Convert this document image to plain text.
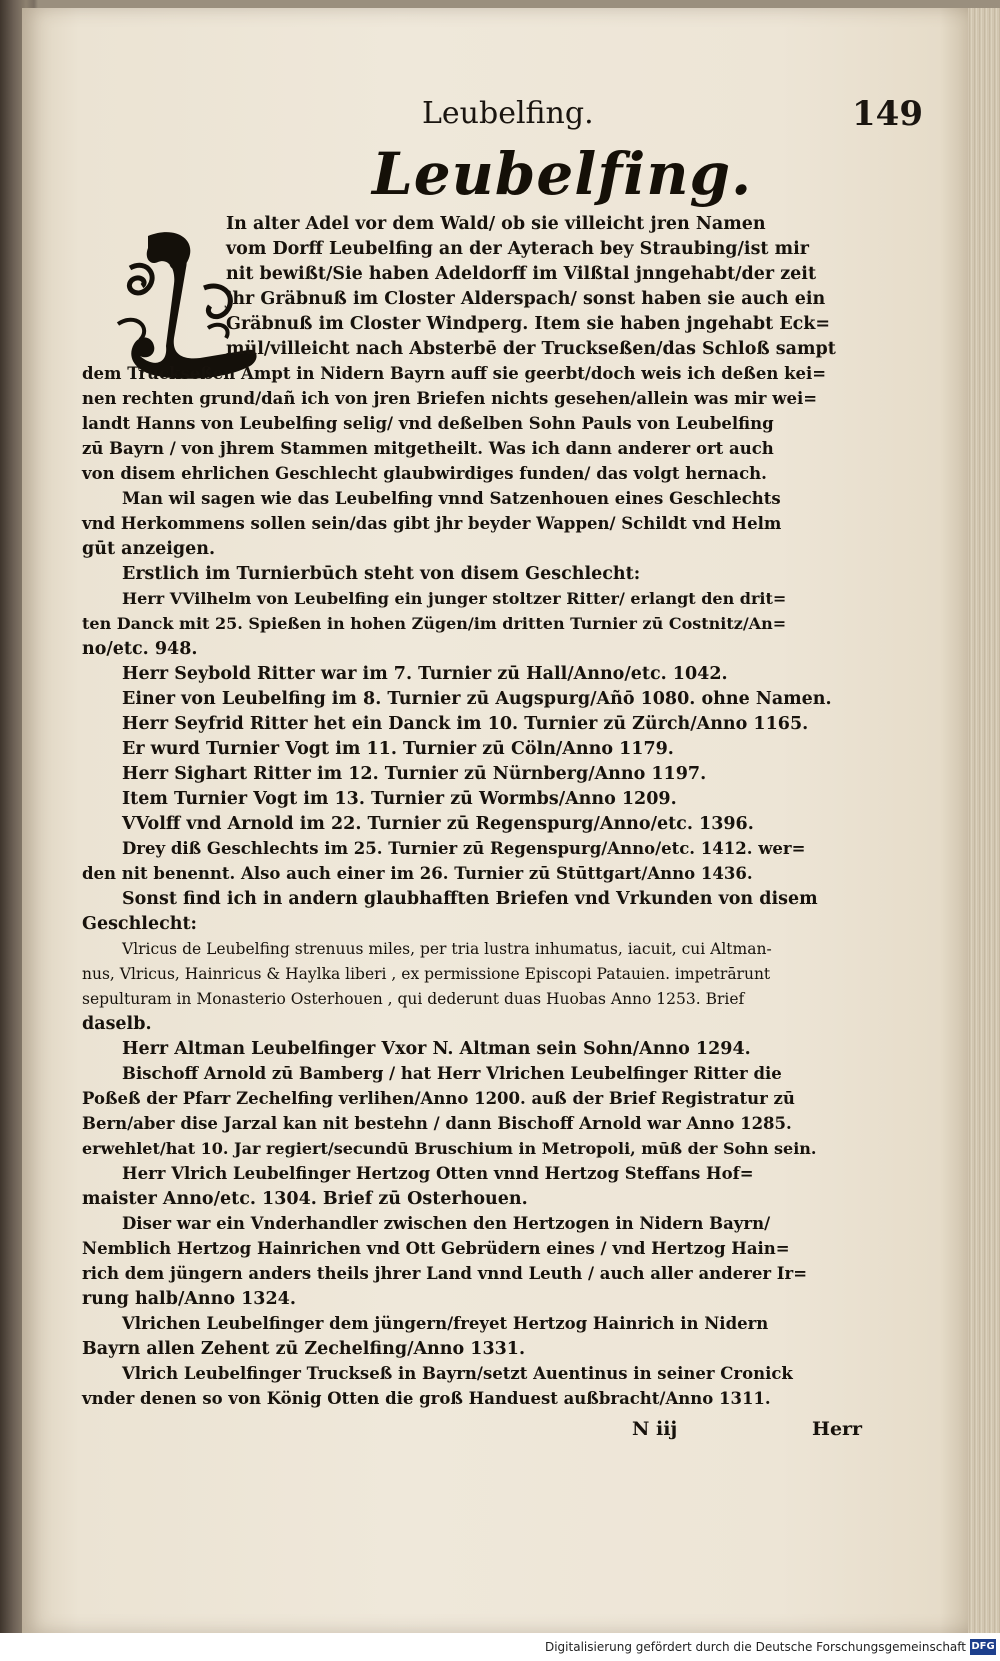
Leubelfing.	149
Leubelfing.
In alter Adel vor dem Wald/ ob sie villeicht jren Namen
vom Dorff Leubelfing an der Ayterach bey Straubing/ist mir
nit bewißt/Sie haben Adeldorff im Vilßtal jnngehabt/der zeit
jhr Gräbnuß im Closter Alderspach/ sonst haben sie auch ein
Gräbnuß im Closter Windperg. Item sie haben jngehabt Eck=
mül/villeicht nach Absterbē der Truckseßen/das Schloß sampt
dem Truckseßen Ampt in Nidern Bayrn auff sie geerbt/doch weis ich deßen kei=
nen rechten grund/dañ ich von jren Briefen nichts gesehen/allein was mir wei=
landt Hanns von Leubelfing selig/ vnd deßelben Sohn Pauls von Leubelfing
zū Bayrn / von jhrem Stammen mitgetheilt. Was ich dann anderer ort auch
von disem ehrlichen Geschlecht glaubwirdiges funden/ das volgt hernach.
Man wil sagen wie das Leubelfing vnnd Satzenhouen eines Geschlechts
vnd Herkommens sollen sein/das gibt jhr beyder Wappen/ Schildt vnd Helm
gūt anzeigen.
Erstlich im Turnierbūch steht von disem Geschlecht:
Herr VVilhelm von Leubelfing ein junger stoltzer Ritter/ erlangt den drit=
ten Danck mit 25. Spießen in hohen Zügen/im dritten Turnier zū Costnitz/An=
no/etc. 948.
Herr Seybold Ritter war im 7. Turnier zū Hall/Anno/etc. 1042.
Einer von Leubelfing im 8. Turnier zū Augspurg/Añō 1080. ohne Namen.
Herr Seyfrid Ritter het ein Danck im 10. Turnier zū Zürch/Anno 1165.
Er wurd Turnier Vogt im 11. Turnier zū Cöln/Anno 1179.
Herr Sighart Ritter im 12. Turnier zū Nürnberg/Anno 1197.
Item Turnier Vogt im 13. Turnier zū Wormbs/Anno 1209.
VVolff vnd Arnold im 22. Turnier zū Regenspurg/Anno/etc. 1396.
Drey diß Geschlechts im 25. Turnier zū Regenspurg/Anno/etc. 1412. wer=
den nit benennt. Also auch einer im 26. Turnier zū Stūttgart/Anno 1436.
Sonst find ich in andern glaubhafften Briefen vnd Vrkunden von disem
Geschlecht:
Vlricus de Leubelfing strenuus miles, per tria lustra inhumatus, iacuit, cui Altman-
nus, Vlricus, Hainricus & Haylka liberi , ex permissione Episcopi Patauien. impetrārunt
sepulturam in Monasterio Osterhouen , qui dederunt duas Huobas Anno 1253. Brief
daselb.
Herr Altman Leubelfinger Vxor N. Altman sein Sohn/Anno 1294.
Bischoff Arnold zū Bamberg / hat Herr Vlrichen Leubelfinger Ritter die
Poßeß der Pfarr Zechelfing verlihen/Anno 1200. auß der Brief Registratur zū
Bern/aber dise Jarzal kan nit bestehn / dann Bischoff Arnold war Anno 1285.
erwehlet/hat 10. Jar regiert/secundū Bruschium in Metropoli, mūß der Sohn sein.
Herr Vlrich Leubelfinger Hertzog Otten vnnd Hertzog Steffans Hof=
maister Anno/etc. 1304. Brief zū Osterhouen.
Diser war ein Vnderhandler zwischen den Hertzogen in Nidern Bayrn/
Nemblich Hertzog Hainrichen vnd Ott Gebrüdern eines / vnd Hertzog Hain=
rich dem jüngern anders theils jhrer Land vnnd Leuth / auch aller anderer Ir=
rung halb/Anno 1324.
Vlrichen Leubelfinger dem jüngern/freyet Hertzog Hainrich in Nidern
Bayrn allen Zehent zū Zechelfing/Anno 1331.
Vlrich Leubelfinger Truckseß in Bayrn/setzt Auentinus in seiner Cronick
vnder denen so von König Otten die groß Handuest außbracht/Anno 1311.
N iij	Herr
Digitalisierung gefördert durch die Deutsche Forschungsgemeinschaft DFG
